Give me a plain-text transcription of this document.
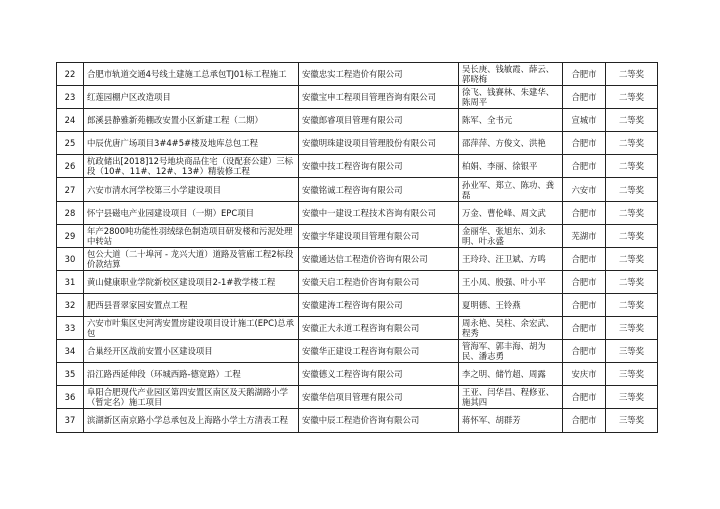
22	合肥市轨道交通4号线土建施工总承包TJ01标工程施工	安徽忠实工程造价有限公司	吴长庚、钱敏霞、薛云、郭晓梅	合肥市	二等奖
23	红莲园棚户区改造项目	安徽宝申工程项目管理咨询有限公司	徐飞、钱賽林、朱建华、陈周平	合肥市	二等奖
24	郎溪县静雅新苑棚改安置小区新建工程（二期）	安徽郎睿项目管理有限公司	陈军、全书元	宣城市	二等奖
25	中辰优唐广场项目3#4#5#楼及地库总包工程	安徽明珠建设项目管理股份有限公司	邵萍萍、方俊文、洪艳	合肥市	二等奖
26	杭政储出[2018]12号地块商品住宅（设配套公建）三标段（10#、11#、12#、13#）精装修工程	安徽中技工程咨询有限公司	柏娟、李丽、徐银平	合肥市	二等奖
27	六安市清水河学校第三小学建设项目	安徽铭诚工程咨询有限公司	孙业军、郑立、陈功、龚磊	六安市	二等奖
28	怀宁县磁电产业园建设项目（一期）EPC项目	安徽中一建设工程技术咨询有限公司	万金、曹伦峰、周文武	合肥市	二等奖
29	年产2800吨功能性羽绒绿色制造项目研发楼和污泥处理中转站	安徽宇华建设项目管理有限公司	金丽华、张旭东、刘永明、叶永盛	芜湖市	二等奖
30	包公大道（二十埠河 - 龙兴大道）道路及管廊工程2标段价款结算	安徽通达信工程造价咨询有限公司	王玲玲、汪卫斌、方鸣	合肥市	二等奖
31	黄山健康职业学院新校区建设项目2-1#教学楼工程	安徽天启工程造价咨询有限公司	王小凤、殷强、叶小平	合肥市	二等奖
32	肥西县晋翠家园安置点工程	安徽建涛工程咨询有限公司	夏明德、王铃燕	合肥市	二等奖
33	六安市叶集区史河湾安置房建设项目设计施工(EPC)总承包	安徽正大永道工程咨询有限公司	周永艳、吴柱、余宏武、程秀	合肥市	三等奖
34	合巢经开区战前安置小区建设项目	安徽华正建设工程咨询有限公司	管海军、郭丰海、胡为民、潘志勇	合肥市	三等奖
35	沿江路西延伸段（环城西路-德宽路）工程	安徽德义工程咨询有限公司	李之明、储竹超、周露	安庆市	三等奖
36	阜阳合肥现代产业园区第四安置区南区及天鹅湖路小学（暂定名）施工项目	安徽华信项目管理有限公司	王亚、闫华昌、程修亚、施其四	合肥市	三等奖
37	滨湖新区南京路小学总承包及上海路小学土方清表工程	安徽中辰工程造价咨询有限公司	蒋怀军、胡群芳	合肥市	三等奖
